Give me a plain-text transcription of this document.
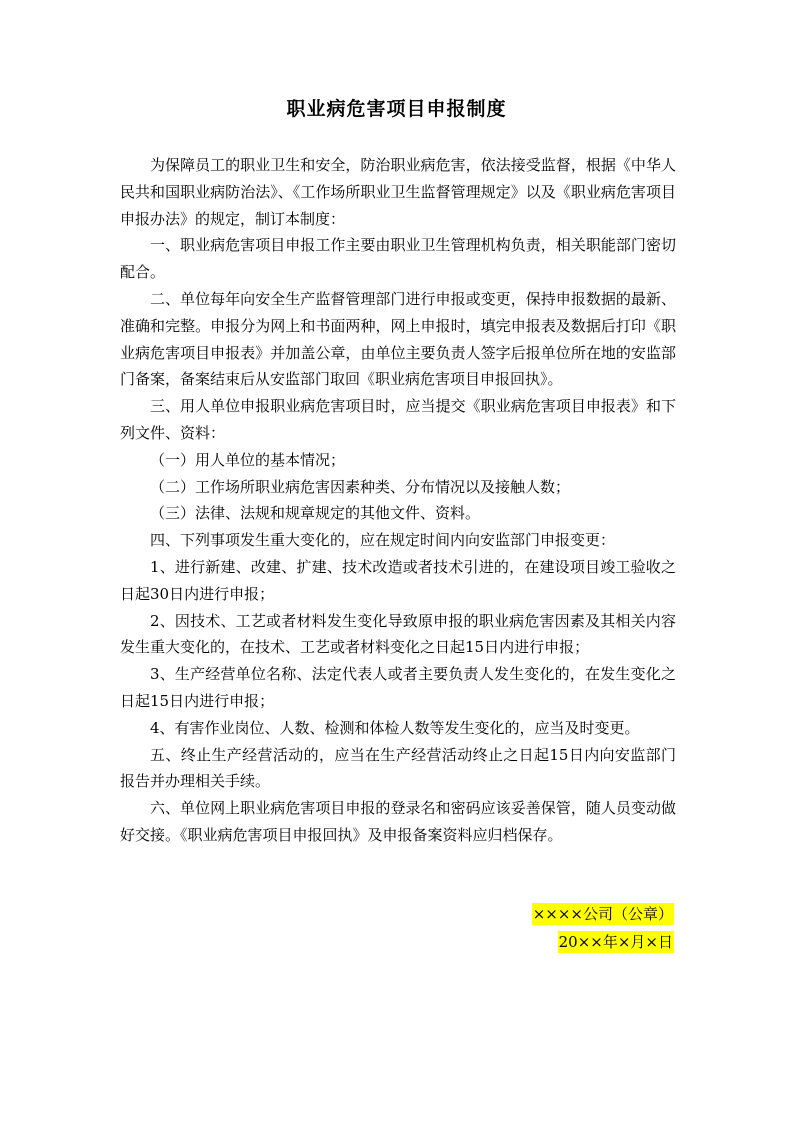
职业病危害项目申报制度

为保障员工的职业卫生和安全，防治职业病危害，依法接受监督，根据《中华人民共和国职业病防治法》、《工作场所职业卫生监督管理规定》以及《职业病危害项目申报办法》的规定，制订本制度：

一、职业病危害项目申报工作主要由职业卫生管理机构负责，相关职能部门密切配合。

二、单位每年向安全生产监督管理部门进行申报或变更，保持申报数据的最新、准确和完整。申报分为网上和书面两种，网上申报时，填完申报表及数据后打印《职业病危害项目申报表》并加盖公章，由单位主要负责人签字后报单位所在地的安监部门备案，备案结束后从安监部门取回《职业病危害项目申报回执》。

三、用人单位申报职业病危害项目时，应当提交《职业病危害项目申报表》和下列文件、资料：

（一）用人单位的基本情况；

（二）工作场所职业病危害因素种类、分布情况以及接触人数；

（三）法律、法规和规章规定的其他文件、资料。

四、下列事项发生重大变化的，应在规定时间内向安监部门申报变更：

1、进行新建、改建、扩建、技术改造或者技术引进的，在建设项目竣工验收之日起30日内进行申报；

2、因技术、工艺或者材料发生变化导致原申报的职业病危害因素及其相关内容发生重大变化的，在技术、工艺或者材料变化之日起15日内进行申报；

3、生产经营单位名称、法定代表人或者主要负责人发生变化的，在发生变化之日起15日内进行申报；

4、有害作业岗位、人数、检测和体检人数等发生变化的，应当及时变更。

五、终止生产经营活动的，应当在生产经营活动终止之日起15日内向安监部门报告并办理相关手续。

六、单位网上职业病危害项目申报的登录名和密码应该妥善保管，随人员变动做好交接。《职业病危害项目申报回执》及申报备案资料应归档保存。

××××公司（公章）
20××年×月×日
